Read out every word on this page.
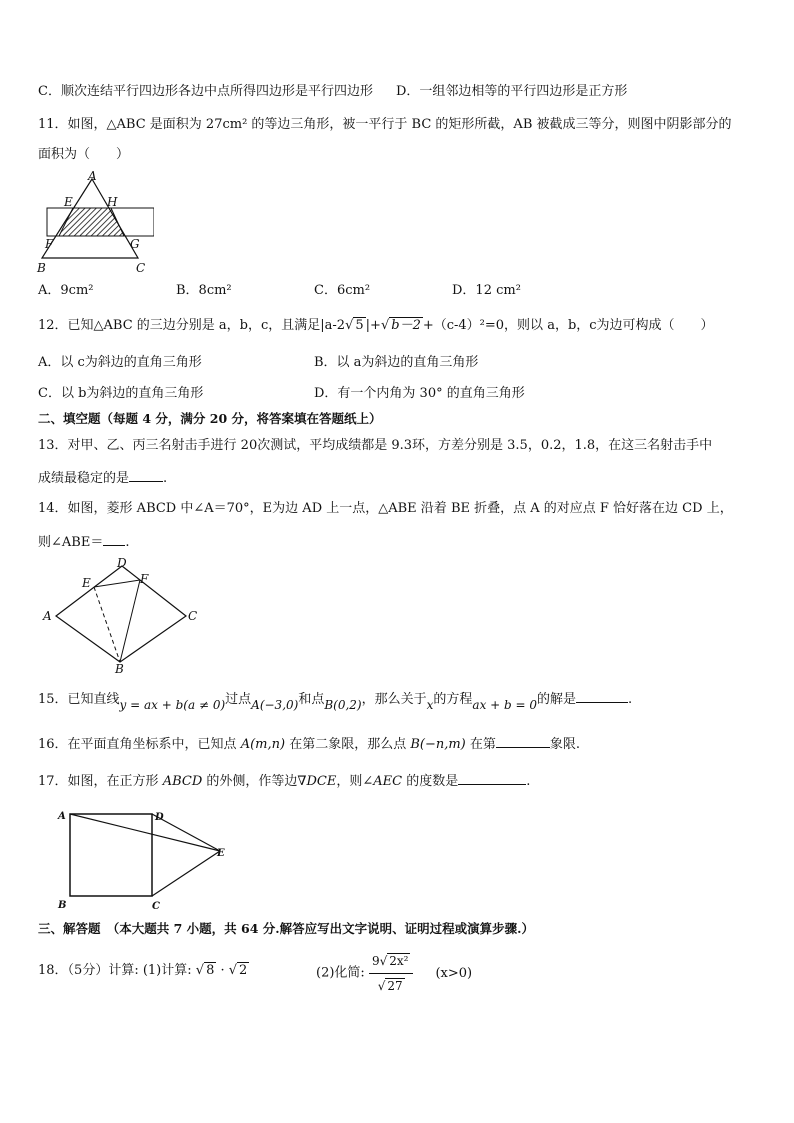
C．顺次连结平行四边形各边中点所得四边形是平行四边形 D．一组邻边相等的平行四边形是正方形
11．如图，△ABC 是面积为 27cm² 的等边三角形，被一平行于 BC 的矩形所截，AB 被截成三等分，则图中阴影部分的
面积为（　　）
A
E	H
F	G
B	C
A．9cm²	B．8cm²	C．6cm²	D．12 cm²
12．已知△ABC 的三边分别是 a，b，c，且满足|a-2√ 5 |+√ b－2 +（c-4）²=0，则以 a，b，c为边可构成（　　）
A．以 c为斜边的直角三角形	B．以 a为斜边的直角三角形
C．以 b为斜边的直角三角形	D．有一个内角为 30° 的直角三角形
二、填空题（每题 4 分，满分 20 分，将答案填在答题纸上）
13．对甲、乙、丙三名射击手进行 20次测试，平均成绩都是 9.3环，方差分别是 3.5，0.2，1.8，在这三名射击手中
成绩最稳定的是	.
14．如图，菱形 ABCD 中∠A＝70°，E为边 AD 上一点，△ABE 沿着 BE 折叠，点 A 的对应点 F 恰好落在边 CD 上，
则∠ABE＝ .
A
D
E	F
C
B
15．已知直线y = ax + b(a ≠ 0)过点A(−3,0)和点B(0,2)，那么关于x的方程ax + b = 0的解是	.
16．在平面直角坐标系中，已知点 A(m,n) 在第二象限，那么点 B(−n,m) 在第	象限.
17．如图，在正方形 ABCD 的外侧，作等边∇DCE，则∠AEC 的度数是	.
A	D
E
B	C
三、解答题　（本大题共 7 小题，共 64 分.解答应写出文字说明、证明过程或演算步骤.）
18．（5分）计算: (1)计算: √ 8 · √ 2	(2)化简: $\frac{\text{9√ 2x²}}{√ 27} (x>0)$
